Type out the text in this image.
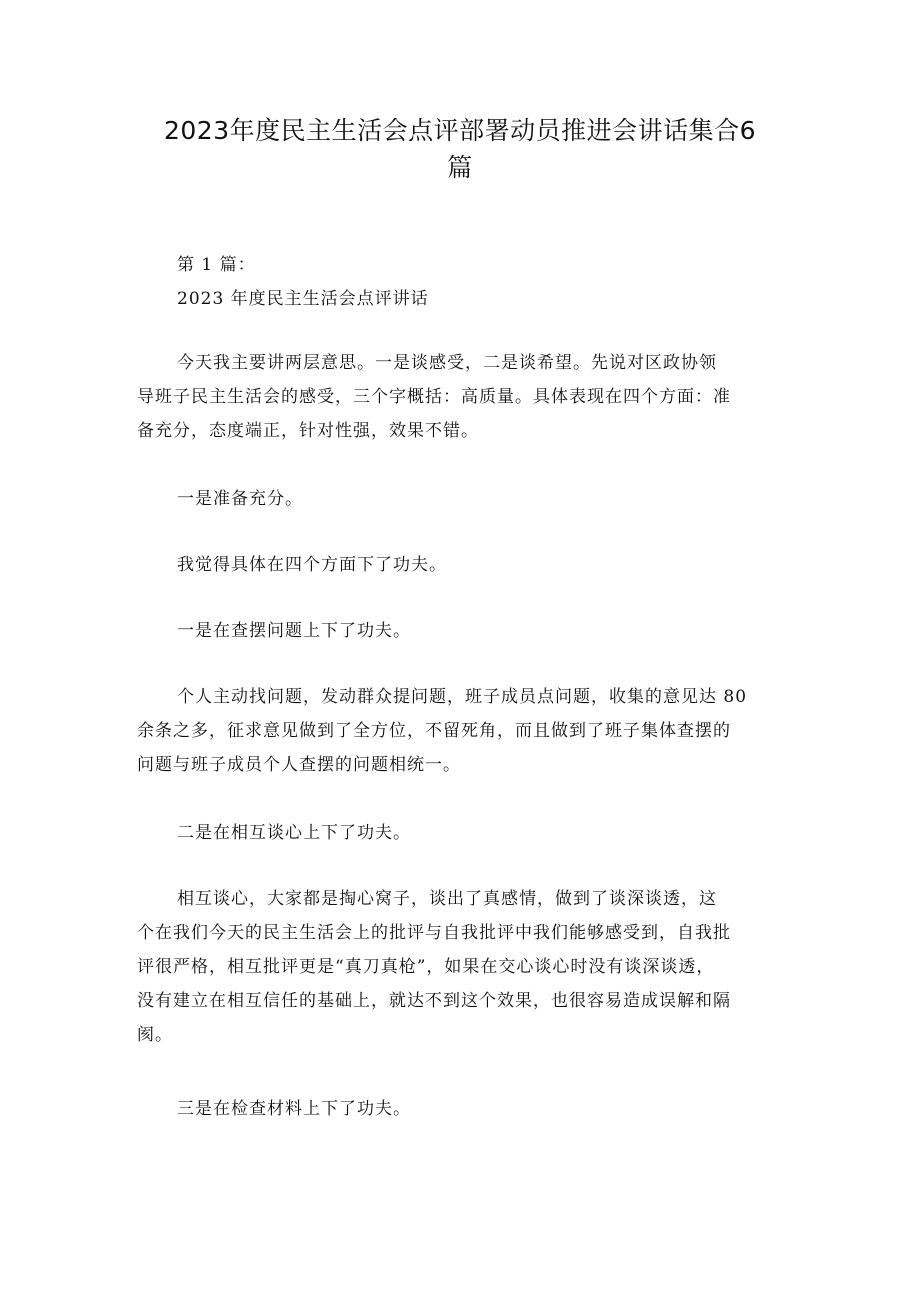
2023年度民主生活会点评部署动员推进会讲话集合6
篇

第 1 篇：

2023 年度民主生活会点评讲话

今天我主要讲两层意思。一是谈感受，二是谈希望。先说对区政协领
导班子民主生活会的感受，三个字概括：高质量。具体表现在四个方面：准
备充分，态度端正，针对性强，效果不错。

一是准备充分。

我觉得具体在四个方面下了功夫。

一是在查摆问题上下了功夫。

个人主动找问题，发动群众提问题，班子成员点问题，收集的意见达 80
余条之多，征求意见做到了全方位，不留死角，而且做到了班子集体查摆的
问题与班子成员个人查摆的问题相统一。

二是在相互谈心上下了功夫。

相互谈心，大家都是掏心窝子，谈出了真感情，做到了谈深谈透，这
个在我们今天的民主生活会上的批评与自我批评中我们能够感受到，自我批
评很严格，相互批评更是“真刀真枪”，如果在交心谈心时没有谈深谈透，
没有建立在相互信任的基础上，就达不到这个效果，也很容易造成误解和隔
阂。

三是在检查材料上下了功夫。
